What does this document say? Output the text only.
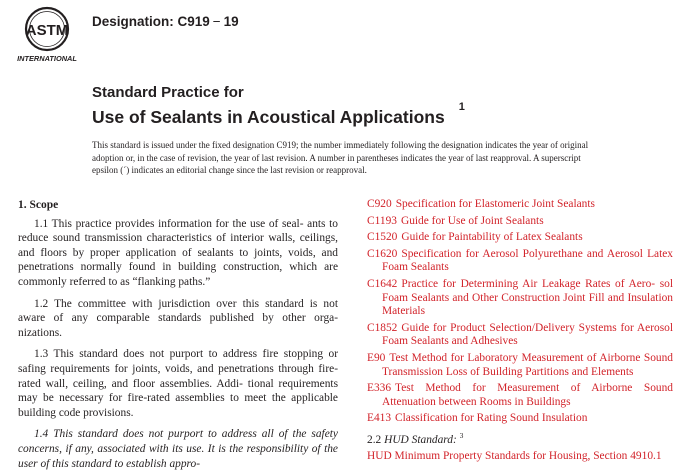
ASTM
INTERNATIONAL
Designation: C919 − 19
Standard Practice for
Use of Sealants in Acoustical Applications $^1$
This standard is issued under the fixed designation C919; the number immediately following the designation indicates the year of original adoption or, in the case of revision, the year of last revision. A number in parentheses indicates the year of last reapproval. A superscript epsilon (´) indicates an editorial change since the last revision or reapproval.
1. Scope

1.1 This practice provides information for the use of seal- ants to reduce sound transmission characteristics of interior walls, ceilings, and floors by proper application of sealants to joints, voids, and penetrations normally found in building construction, which are commonly referred to as “flanking paths.”

1.2 The committee with jurisdiction over this standard is not aware of any comparable standards published by other orga- nizations.

1.3 This standard does not purport to address fire stopping or safing requirements for joints, voids, and penetrations through fire-rated wall, ceiling, and floor assemblies. Addi- tional requirements may be necessary for fire-rated assemblies to meet the applicable building code provisions.

1.4 This standard does not purport to address all of the safety concerns, if any, associated with its use. It is the responsibility of the user of this standard to establish appro-

C920 Specification for Elastomeric Joint Sealants
C1193 Guide for Use of Joint Sealants
C1520 Guide for Paintability of Latex Sealants
C1620 Specification for Aerosol Polyurethane and Aerosol Latex Foam Sealants
C1642 Practice for Determining Air Leakage Rates of Aero- sol Foam Sealants and Other Construction Joint Fill and Insulation Materials
C1852 Guide for Product Selection/Delivery Systems for Aerosol Foam Sealants and Adhesives
E90 Test Method for Laboratory Measurement of Airborne Sound Transmission Loss of Building Partitions and Elements
E336 Test Method for Measurement of Airborne Sound Attenuation between Rooms in Buildings
E413 Classification for Rating Sound Insulation
2.2 HUD Standard: $^3$
HUD Minimum Property Standards for Housing, Section 4910.1
